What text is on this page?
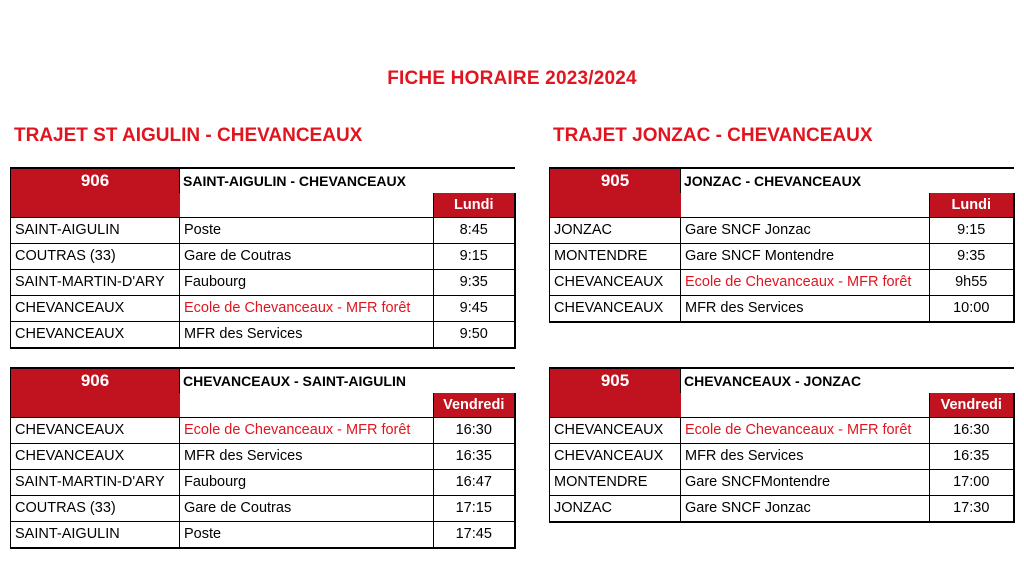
FICHE HORAIRE 2023/2024
TRAJET ST AIGULIN - CHEVANCEAUX	TRAJET JONZAC - CHEVANCEAUX
906	SAINT-AIGULIN - CHEVANCEAUX	
		Lundi
SAINT-AIGULIN	Poste	8:45
COUTRAS (33)	Gare de Coutras	9:15
SAINT-MARTIN-D'ARY	Faubourg	9:35
CHEVANCEAUX	Ecole de Chevanceaux - MFR forêt	9:45
CHEVANCEAUX	MFR des Services	9:50
905	JONZAC - CHEVANCEAUX	
		Lundi
JONZAC	Gare SNCF Jonzac	9:15
MONTENDRE	Gare SNCF Montendre	9:35
CHEVANCEAUX	Ecole de Chevanceaux - MFR forêt	9h55
CHEVANCEAUX	MFR des Services	10:00
906	CHEVANCEAUX - SAINT-AIGULIN	
		Vendredi
CHEVANCEAUX	Ecole de Chevanceaux - MFR forêt	16:30
CHEVANCEAUX	MFR des Services	16:35
SAINT-MARTIN-D'ARY	Faubourg	16:47
COUTRAS (33)	Gare de Coutras	17:15
SAINT-AIGULIN	Poste	17:45
905	CHEVANCEAUX - JONZAC	
		Vendredi
CHEVANCEAUX	Ecole de Chevanceaux - MFR forêt	16:30
CHEVANCEAUX	MFR des Services	16:35
MONTENDRE	Gare SNCFMontendre	17:00
JONZAC	Gare SNCF Jonzac	17:30
